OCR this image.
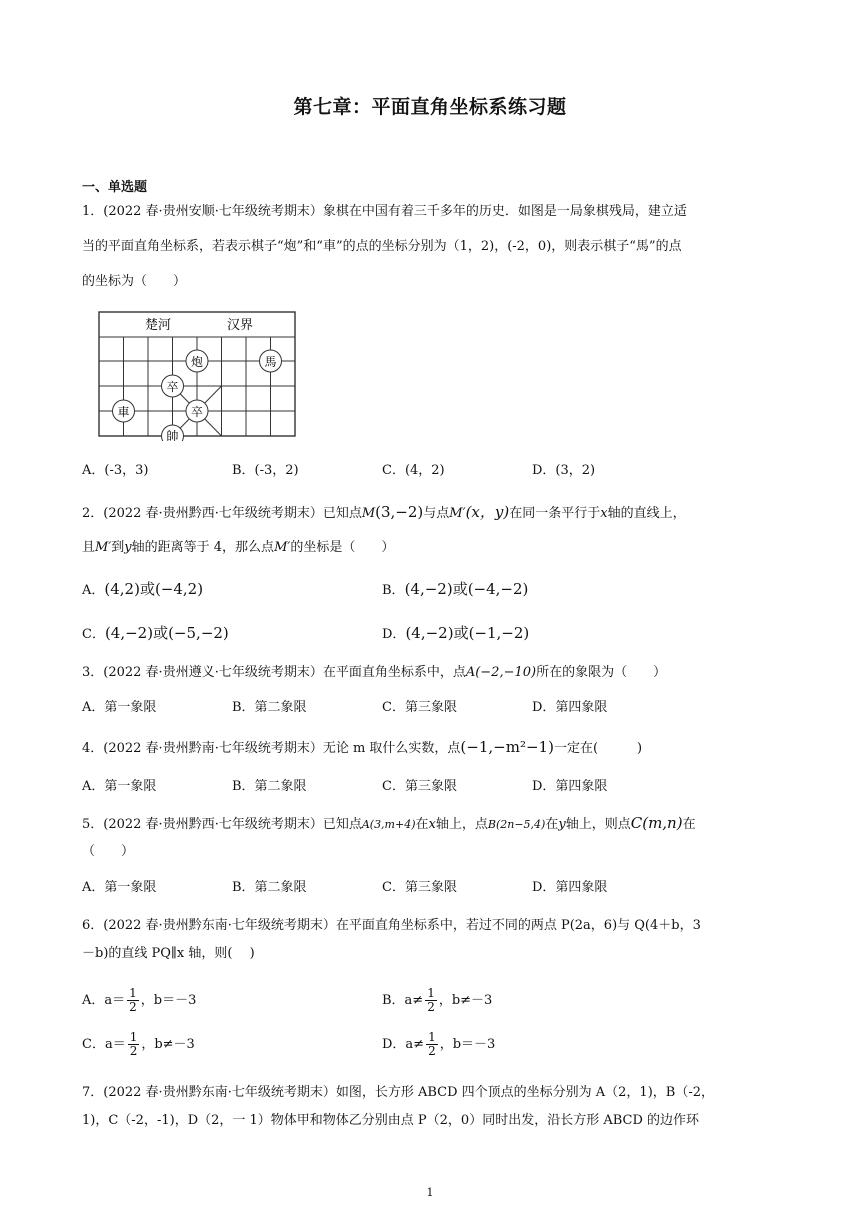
第七章：平面直角坐标系练习题
一、单选题
1．(2022 春·贵州安顺·七年级统考期末）象棋在中国有着三千多年的历史．如图是一局象棋残局，建立适
当的平面直角坐标系，若表示棋子“炮”和“車”的点的坐标分别为（1，2)，(-2，0)，则表示棋子“馬”的点
的坐标为（　　）
楚河	汉界
炮	馬
卒
卒
車
帥
A．(-3，3)	B．(-3，2)	C．(4，2)	D．(3，2)
2．(2022 春·贵州黔西·七年级统考期末）已知点M(3,−2)与点M′(x，y)在同一条平行于x轴的直线上，
且M′到y轴的距离等于 4，那么点M′的坐标是（　　）
A．(4,2)或(−4,2)	B．(4,−2)或(−4,−2)
C．(4,−2)或(−5,−2)	D．(4,−2)或(−1,−2)
3．(2022 春·贵州遵义·七年级统考期末）在平面直角坐标系中，点A(−2,−10)所在的象限为（　　）
A．第一象限	B．第二象限	C．第三象限	D．第四象限
4．(2022 春·贵州黔南·七年级统考期末）无论 m 取什么实数，点(−1,−m²−1)一定在(　　　)
A．第一象限	B．第二象限	C．第三象限	D．第四象限
5．(2022 春·贵州黔西·七年级统考期末）已知点A(3,m+4)在x轴上，点B(2n−5,4)在y轴上，则点C(m,n)在
（　　）
A．第一象限	B．第二象限	C．第三象限	D．第四象限
6．(2022 春·贵州黔东南·七年级统考期末）在平面直角坐标系中，若过不同的两点 P(2a，6)与 Q(4＋b，3
－b)的直线 PQ∥x 轴，则(　 )
A．$a= \frac{1}{2}$ ，b＝－3	B．$a\ne \frac{1}{2}$ ，b≠－3
C．$a= \frac{1}{2}$ ，b≠－3	D．$a\ne \frac{1}{2}$ ，b＝－3
7．(2022 春·贵州黔东南·七年级统考期末）如图，长方形 ABCD 四个顶点的坐标分别为 A（2，1)，B（-2，
1)，C（-2，-1)，D（2，一 1）物体甲和物体乙分别由点 P（2，0）同时出发，沿长方形 ABCD 的边作环
1
